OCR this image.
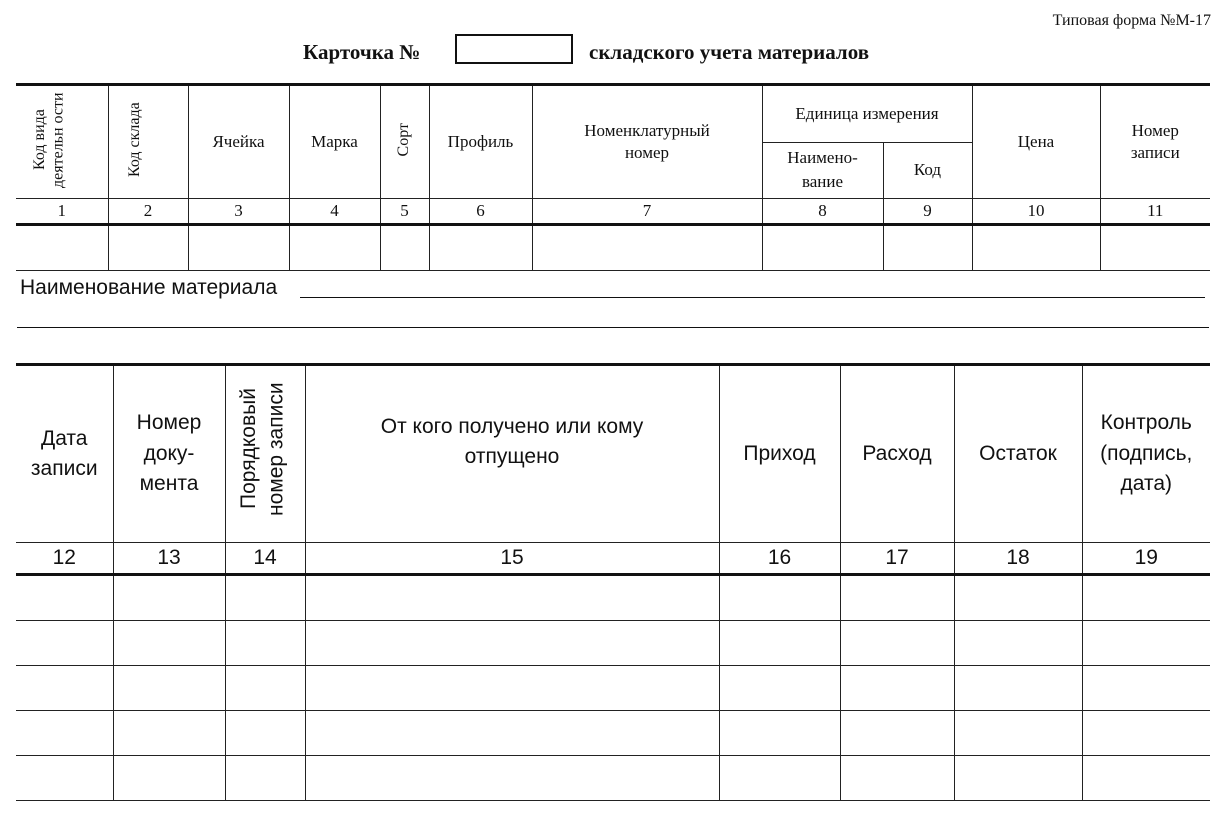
Типовая форма №М-17
Карточка №	складского учета материалов
Код вида деятельн ости	Код склада	Ячейка	Марка	Сорт	Профиль	Номенклатурный номер	Единица измерения		Цена	Номер записи
							Наимено- вание	Код		
1	2	3	4	5	6	7	8	9	10	11

Наименование материала
Дата записи	Номер доку- мента	Порядковый номер записи	От кого получено или кому отпущено	Приход	Расход	Остаток	Контроль (подпись, дата)
12	13	14	15	16	17	18	19
